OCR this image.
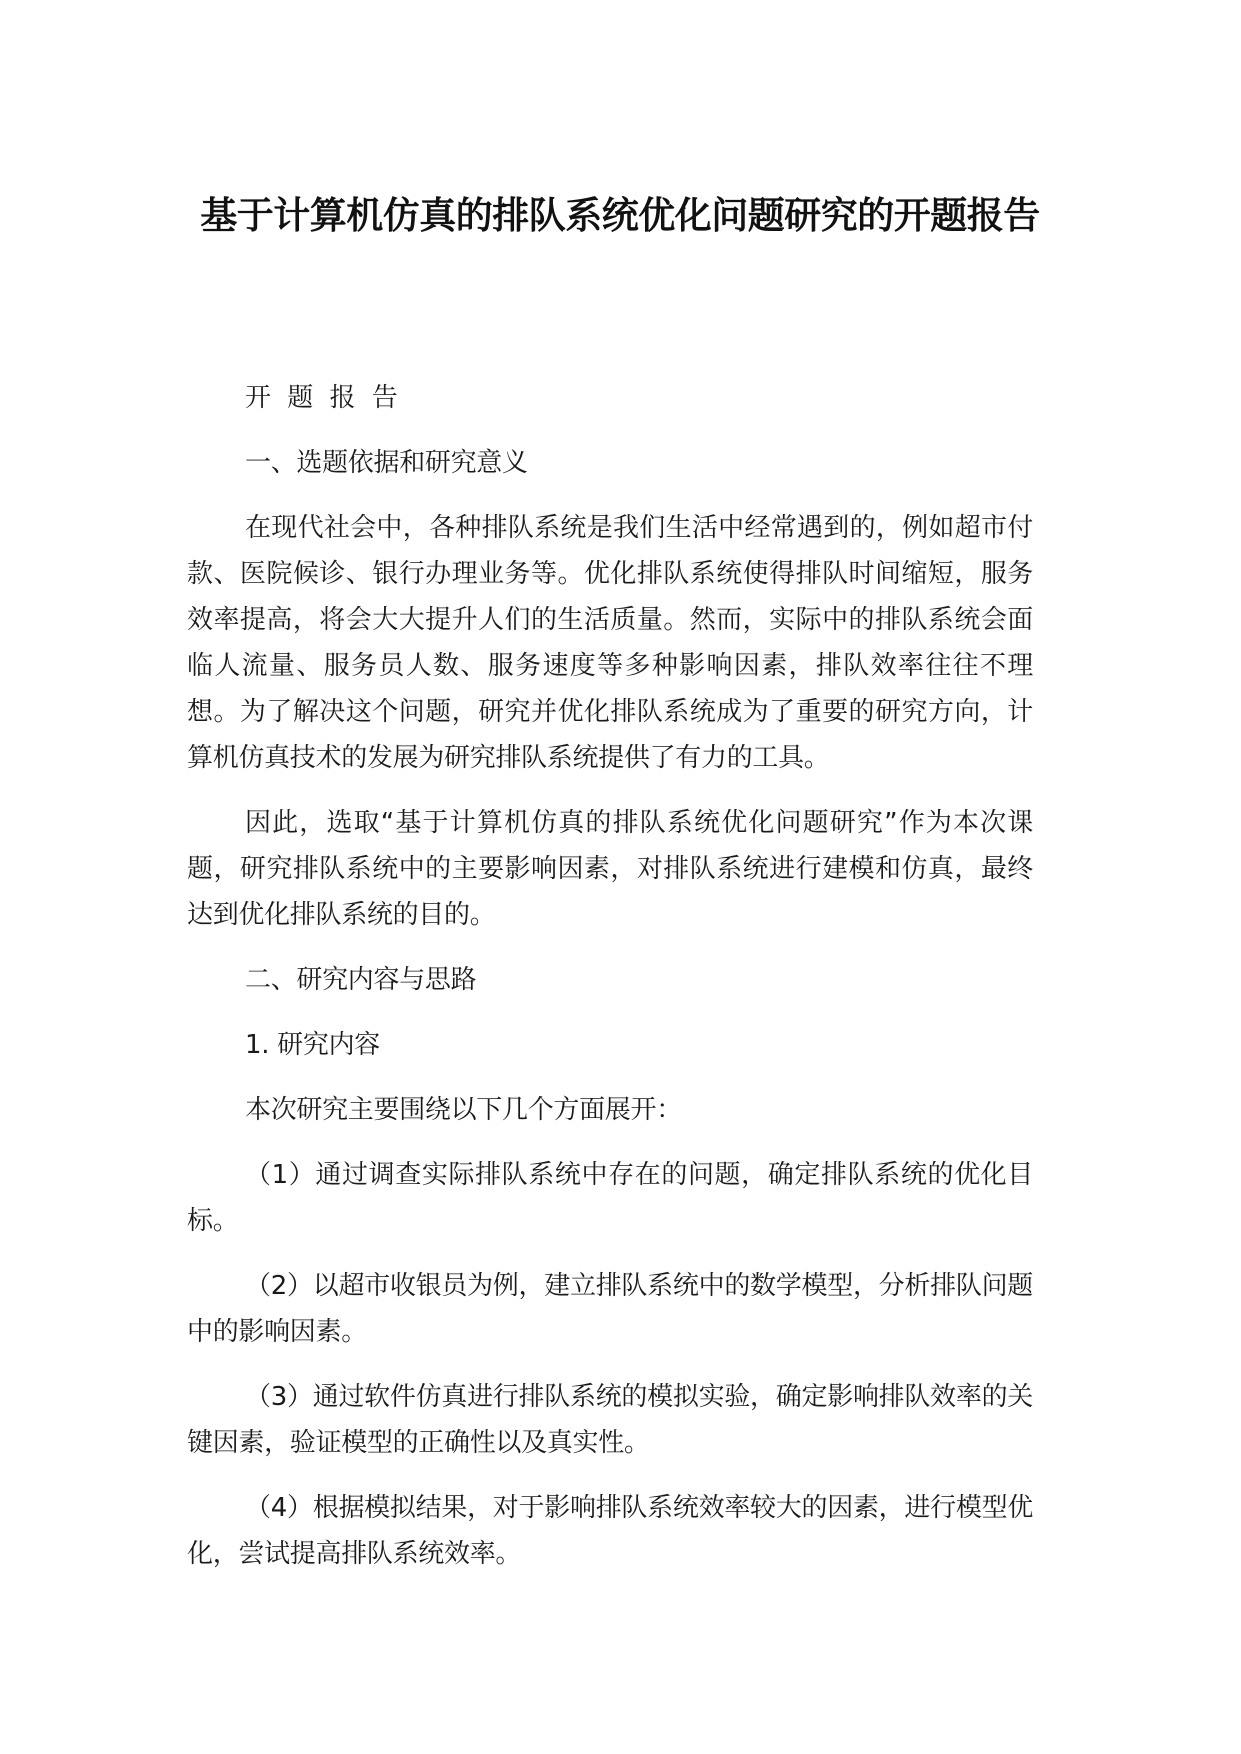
基于计算机仿真的排队系统优化问题研究的开题报告

开 题 报 告

一、选题依据和研究意义

在现代社会中，各种排队系统是我们生活中经常遇到的，例如超市付款、医院候诊、银行办理业务等。优化排队系统使得排队时间缩短，服务效率提高，将会大大提升人们的生活质量。然而，实际中的排队系统会面临人流量、服务员人数、服务速度等多种影响因素，排队效率往往不理想。为了解决这个问题，研究并优化排队系统成为了重要的研究方向，计算机仿真技术的发展为研究排队系统提供了有力的工具。

因此，选取“基于计算机仿真的排队系统优化问题研究”作为本次课题，研究排队系统中的主要影响因素，对排队系统进行建模和仿真，最终达到优化排队系统的目的。

二、研究内容与思路

1. 研究内容

本次研究主要围绕以下几个方面展开：

（1）通过调查实际排队系统中存在的问题，确定排队系统的优化目标。

（2）以超市收银员为例，建立排队系统中的数学模型，分析排队问题中的影响因素。

（3）通过软件仿真进行排队系统的模拟实验，确定影响排队效率的关键因素，验证模型的正确性以及真实性。

（4）根据模拟结果，对于影响排队系统效率较大的因素，进行模型优化，尝试提高排队系统效率。
